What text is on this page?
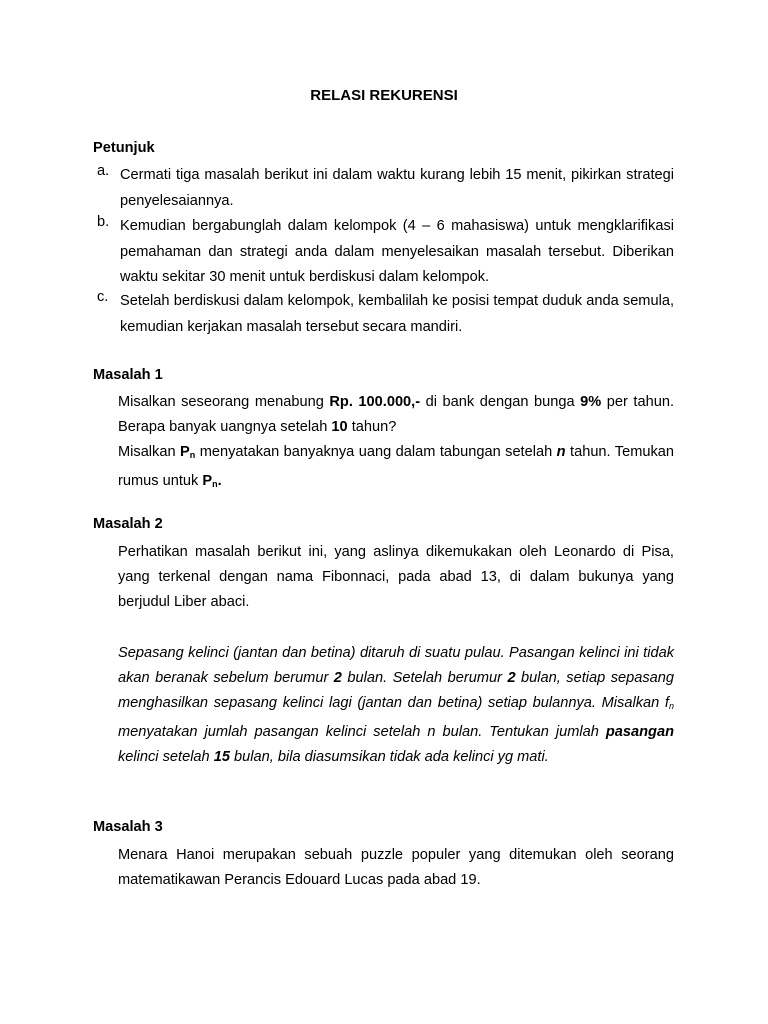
RELASI REKURENSI
Petunjuk
a. Cermati tiga masalah berikut ini dalam waktu kurang lebih 15 menit, pikirkan strategi penyelesaiannya.
b. Kemudian bergabunglah dalam kelompok (4 – 6 mahasiswa) untuk mengklarifikasi pemahaman dan strategi anda dalam menyelesaikan masalah tersebut. Diberikan waktu sekitar 30 menit untuk berdiskusi dalam kelompok.
c. Setelah berdiskusi dalam kelompok, kembalilah ke posisi tempat duduk anda semula, kemudian kerjakan masalah tersebut secara mandiri.
Masalah 1

Misalkan seseorang menabung Rp. 100.000,- di bank dengan bunga 9% per tahun. Berapa banyak uangnya setelah 10 tahun?

Misalkan $P_n$ menyatakan banyaknya uang dalam tabungan setelah n tahun. Temukan rumus untuk $P_n$.

Masalah 2
Perhatikan masalah berikut ini, yang aslinya dikemukakan oleh Leonardo di Pisa, yang terkenal dengan nama Fibonnaci, pada abad 13, di dalam bukunya yang berjudul Liber abaci.
Sepasang kelinci (jantan dan betina) ditaruh di suatu pulau. Pasangan kelinci ini tidak akan beranak sebelum berumur 2 bulan. Setelah berumur 2 bulan, setiap sepasang menghasilkan sepasang kelinci lagi (jantan dan betina) setiap bulannya. Misalkan $f_n$ menyatakan jumlah pasangan kelinci setelah n bulan. Tentukan jumlah pasangan kelinci setelah 15 bulan, bila diasumsikan tidak ada kelinci yg mati.
Masalah 3
Menara Hanoi merupakan sebuah puzzle populer yang ditemukan oleh seorang matematikawan Perancis Edouard Lucas pada abad 19.
